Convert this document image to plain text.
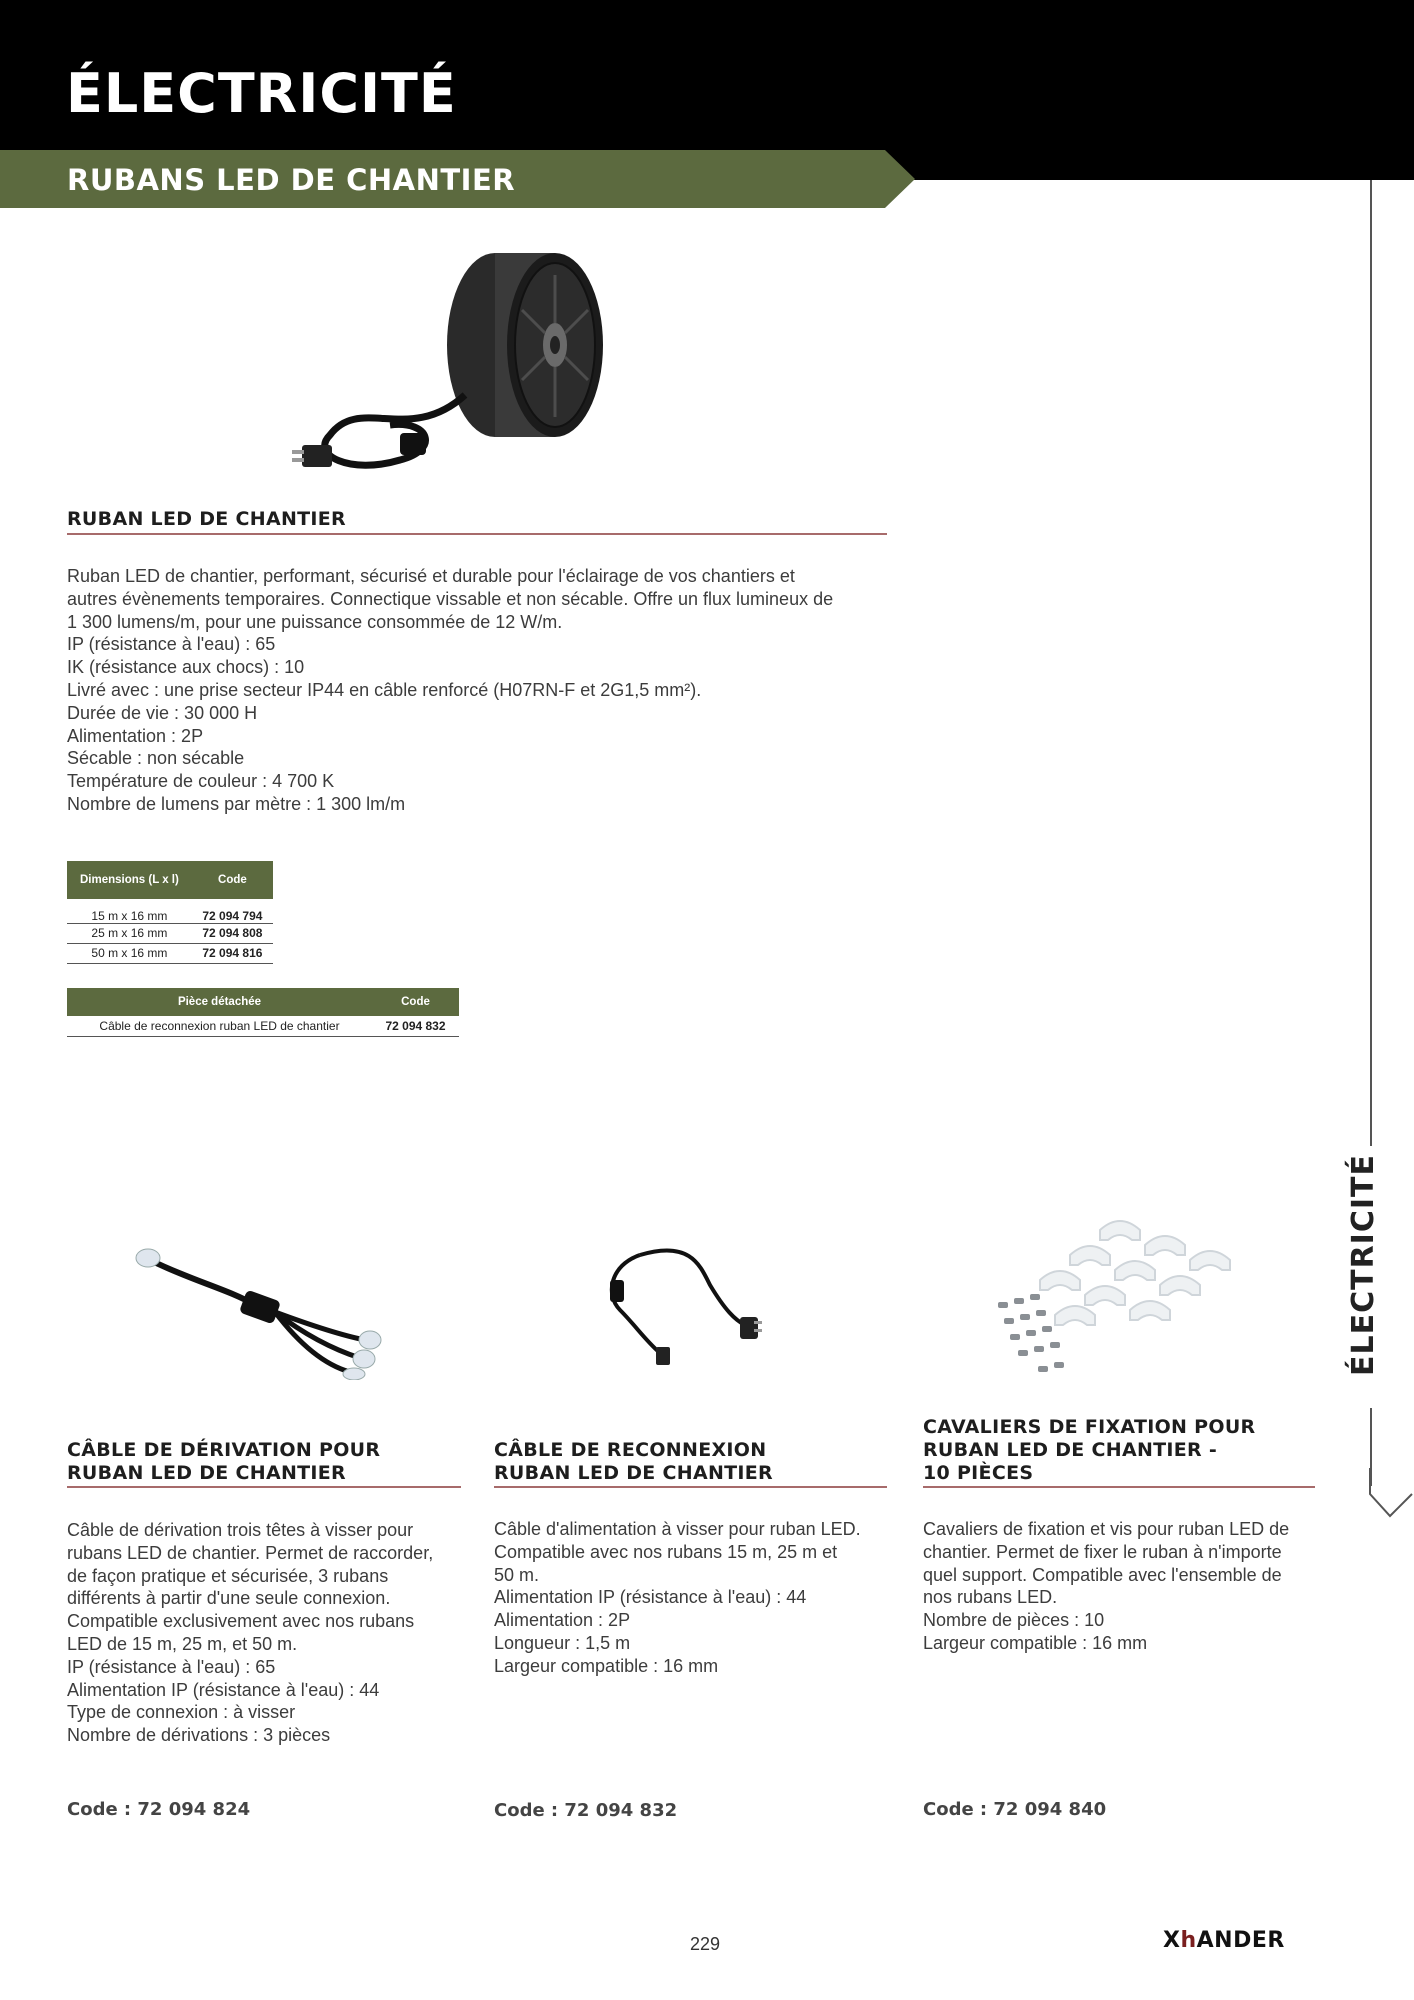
ÉLECTRICITÉ
RUBANS LED DE CHANTIER
ÉLECTRICITÉ
RUBAN LED DE CHANTIER
Ruban LED de chantier, performant, sécurisé et durable pour l'éclairage de vos chantiers et
autres évènements temporaires. Connectique vissable et non sécable. Offre un flux lumineux de
1 300 lumens/m, pour une puissance consommée de 12 W/m.
IP (résistance à l'eau) : 65
IK (résistance aux chocs) : 10
Livré avec : une prise secteur IP44 en câble renforcé (H07RN-F et 2G1,5 mm²).
Durée de vie : 30 000 H
Alimentation : 2P
Sécable : non sécable
Température de couleur : 4 700 K
Nombre de lumens par mètre : 1 300 lm/m
Dimensions (L x l)	Code
15 m x 16 mm	72 094 794
25 m x 16 mm	72 094 808
50 m x 16 mm	72 094 816
Pièce détachée	Code
Câble de reconnexion ruban LED de chantier	72 094 832
CÂBLE DE DÉRIVATION POUR
RUBAN LED DE CHANTIER
Câble de dérivation trois têtes à visser pour
rubans LED de chantier. Permet de raccorder,
de façon pratique et sécurisée, 3 rubans
différents à partir d'une seule connexion.
Compatible exclusivement avec nos rubans
LED de 15 m, 25 m, et 50 m.
IP (résistance à l'eau) : 65
Alimentation IP (résistance à l'eau) : 44
Type de connexion : à visser
Nombre de dérivations : 3 pièces
Code : 72 094 824
CÂBLE DE RECONNEXION
RUBAN LED DE CHANTIER
Câble d'alimentation à visser pour ruban LED.
Compatible avec nos rubans 15 m, 25 m et
50 m.
Alimentation IP (résistance à l'eau) : 44
Alimentation : 2P
Longueur : 1,5 m
Largeur compatible : 16 mm
Code : 72 094 832
CAVALIERS DE FIXATION POUR
RUBAN LED DE CHANTIER -
10 PIÈCES
Cavaliers de fixation et vis pour ruban LED de
chantier. Permet de fixer le ruban à n'importe
quel support. Compatible avec l'ensemble de
nos rubans LED.
Nombre de pièces : 10
Largeur compatible : 16 mm
Code : 72 094 840
229	XhANDER
